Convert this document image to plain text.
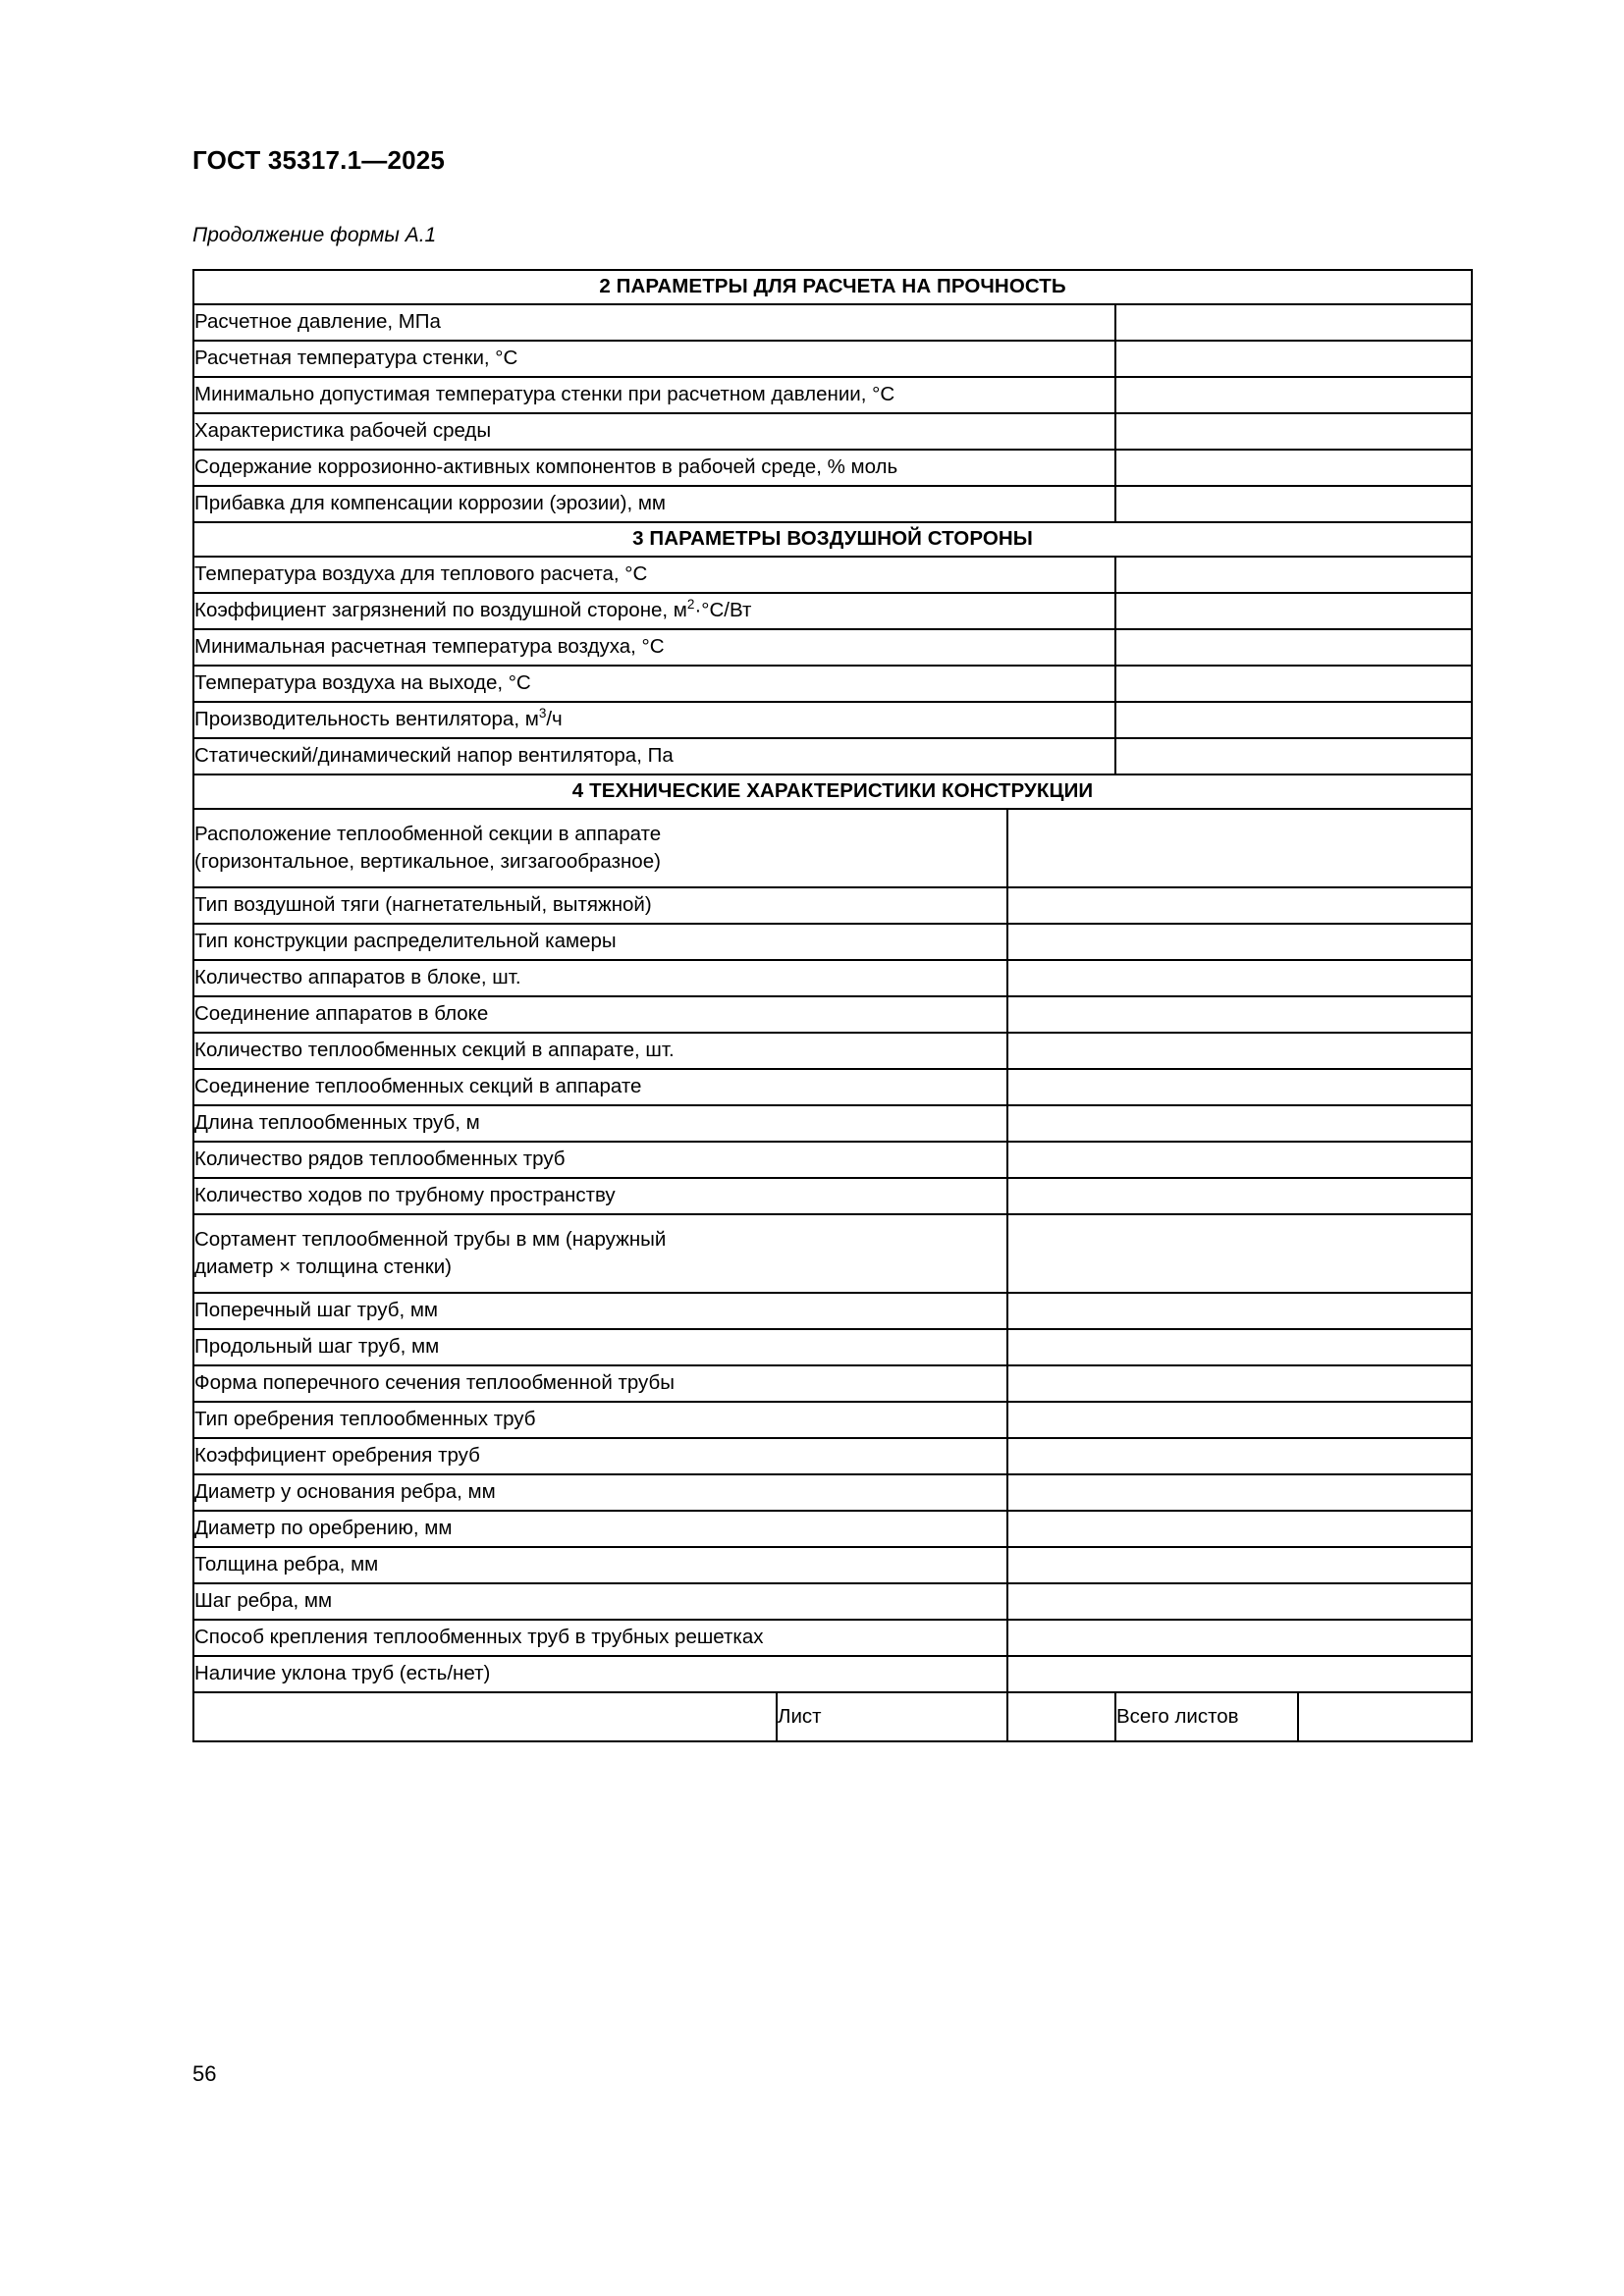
ГОСТ 35317.1—2025
Продолжение формы А.1
2 ПАРАМЕТРЫ ДЛЯ РАСЧЕТА НА ПРОЧНОСТЬ				
Расчетное давление, МПа				
Расчетная температура стенки, °С				
Минимально допустимая температура стенки при расчетном давлении, °С				
Характеристика рабочей среды				
Содержание коррозионно-активных компонентов в рабочей среде, % моль				
Прибавка для компенсации коррозии (эрозии), мм				
3 ПАРАМЕТРЫ ВОЗДУШНОЙ СТОРОНЫ				
Температура воздуха для теплового расчета, °С				
Коэффициент загрязнений по воздушной стороне, $м^2\cdot^\circ С/Вт$				
Минимальная расчетная температура воздуха, °С				
Температура воздуха на выходе, °С				
Производительность вентилятора, $м^3/ч$				
Статический/динамический напор вентилятора, Па				
4 ТЕХНИЧЕСКИЕ ХАРАКТЕРИСТИКИ КОНСТРУКЦИИ				
Расположение теплообменной секции в аппарате
(горизонтальное, вертикальное, зигзагообразное)				
Тип воздушной тяги (нагнетательный, вытяжной)				
Тип конструкции распределительной камеры				
Количество аппаратов в блоке, шт.				
Соединение аппаратов в блоке				
Количество теплообменных секций в аппарате, шт.				
Соединение теплообменных секций в аппарате				
Длина теплообменных труб, м				
Количество рядов теплообменных труб				
Количество ходов по трубному пространству				
Сортамент теплообменной трубы в мм (наружный
диаметр × толщина стенки)				
Поперечный шаг труб, мм				
Продольный шаг труб, мм				
Форма поперечного сечения теплообменной трубы				
Тип оребрения теплообменных труб				
Коэффициент оребрения труб				
Диаметр у основания ребра, мм				
Диаметр по оребрению, мм				
Толщина ребра, мм				
Шаг ребра, мм				
Способ крепления теплообменных труб в трубных решетках				
Наличие уклона труб (есть/нет)				
	Лист		Всего листов	
56
